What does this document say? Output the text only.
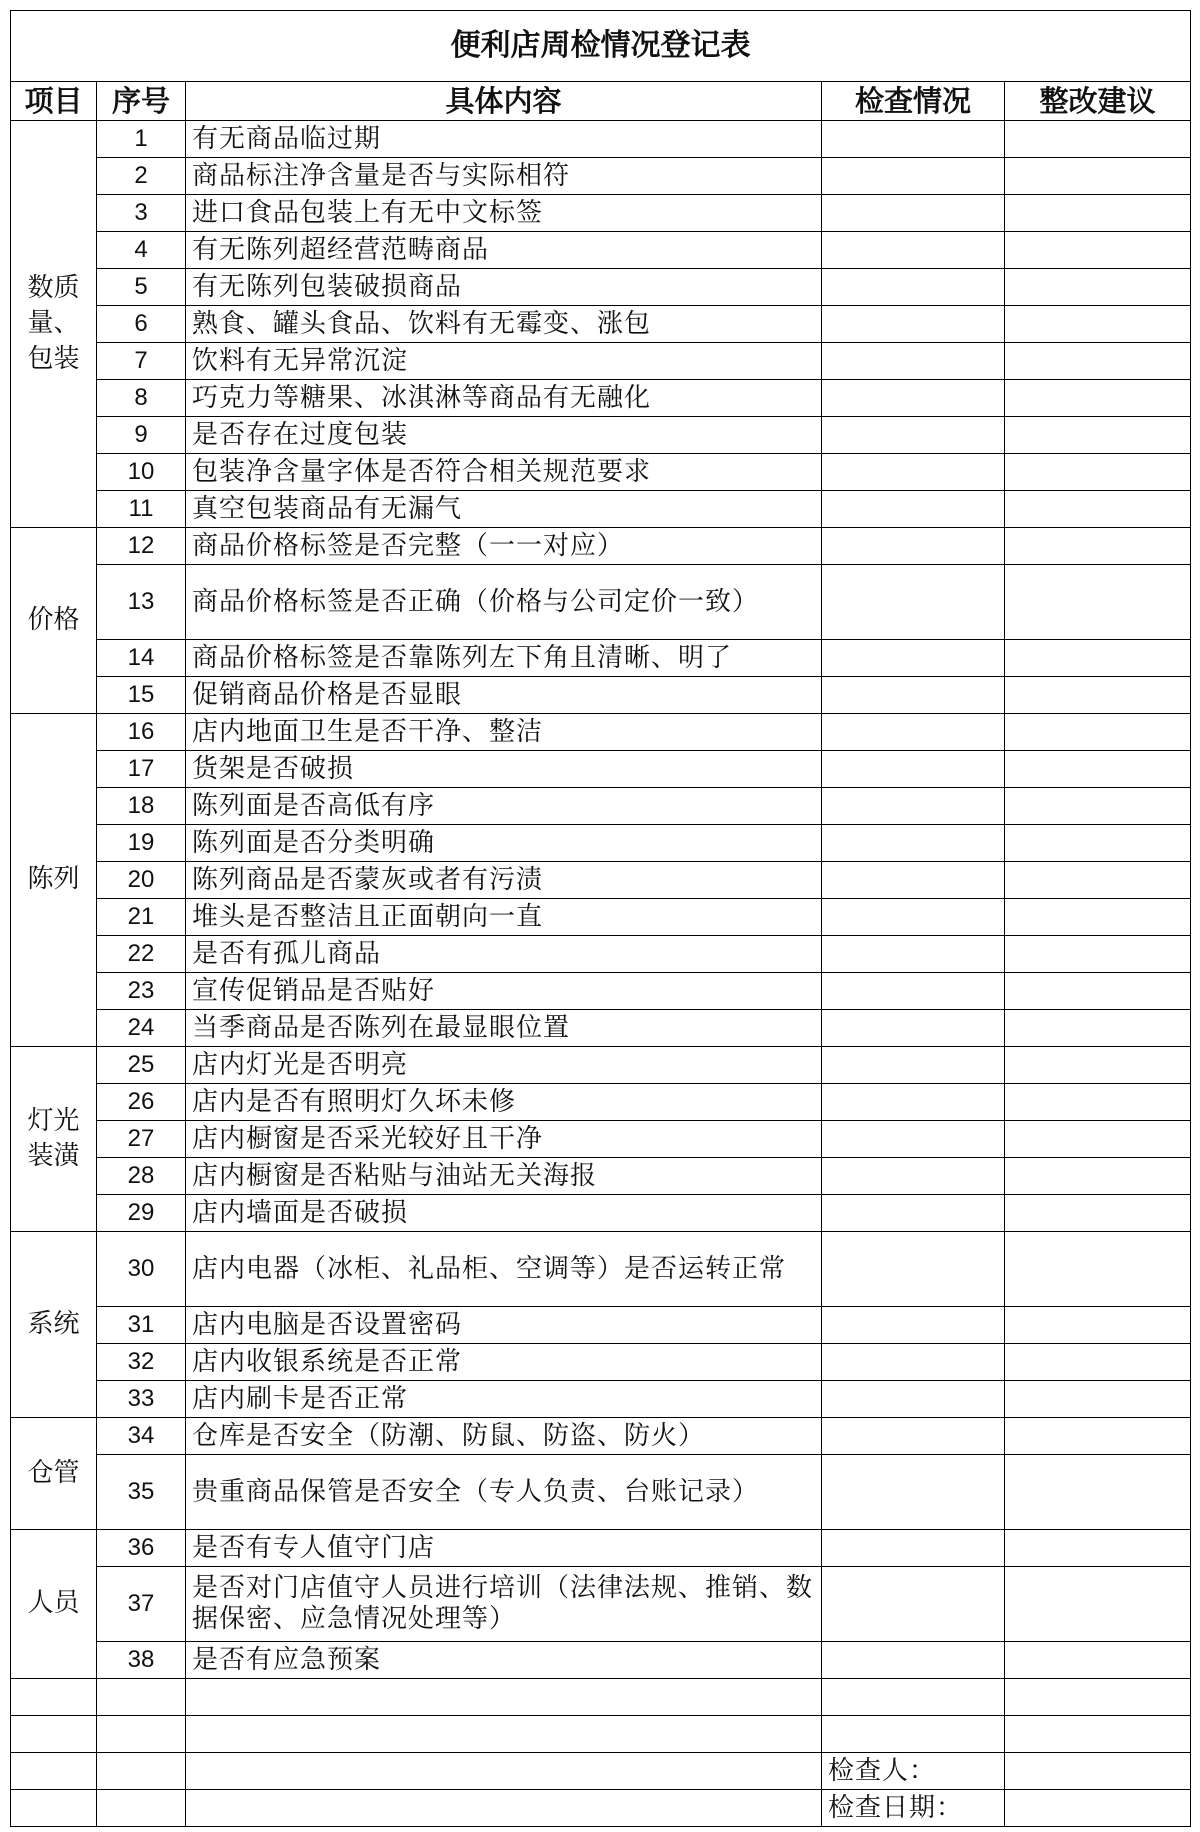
便利店周检情况登记表				
项目	序号	具体内容	检查情况	整改建议
数质量、包装	1	有无商品临过期		
	2	商品标注净含量是否与实际相符		
	3	进口食品包装上有无中文标签		
	4	有无陈列超经营范畴商品		
	5	有无陈列包装破损商品		
	6	熟食、罐头食品、饮料有无霉变、涨包		
	7	饮料有无异常沉淀		
	8	巧克力等糖果、冰淇淋等商品有无融化		
	9	是否存在过度包装		
	10	包装净含量字体是否符合相关规范要求		
	11	真空包装商品有无漏气		
价格	12	商品价格标签是否完整（一一对应）		
	13	商品价格标签是否正确（价格与公司定价一致）		
	14	商品价格标签是否靠陈列左下角且清晰、明了		
	15	促销商品价格是否显眼		
陈列	16	店内地面卫生是否干净、整洁		
	17	货架是否破损		
	18	陈列面是否高低有序		
	19	陈列面是否分类明确		
	20	陈列商品是否蒙灰或者有污渍		
	21	堆头是否整洁且正面朝向一直		
	22	是否有孤儿商品		
	23	宣传促销品是否贴好		
	24	当季商品是否陈列在最显眼位置		
灯光装潢	25	店内灯光是否明亮		
	26	店内是否有照明灯久坏未修		
	27	店内橱窗是否采光较好且干净		
	28	店内橱窗是否粘贴与油站无关海报		
	29	店内墙面是否破损		
系统	30	店内电器（冰柜、礼品柜、空调等）是否运转正常		
	31	店内电脑是否设置密码		
	32	店内收银系统是否正常		
	33	店内刷卡是否正常		
仓管	34	仓库是否安全（防潮、防鼠、防盗、防火）		
	35	贵重商品保管是否安全（专人负责、台账记录）		
人员	36	是否有专人值守门店		
	37	是否对门店值守人员进行培训（法律法规、推销、数据保密、应急情况处理等）		
	38	是否有应急预案		

			检查人：	
			检查日期：	
